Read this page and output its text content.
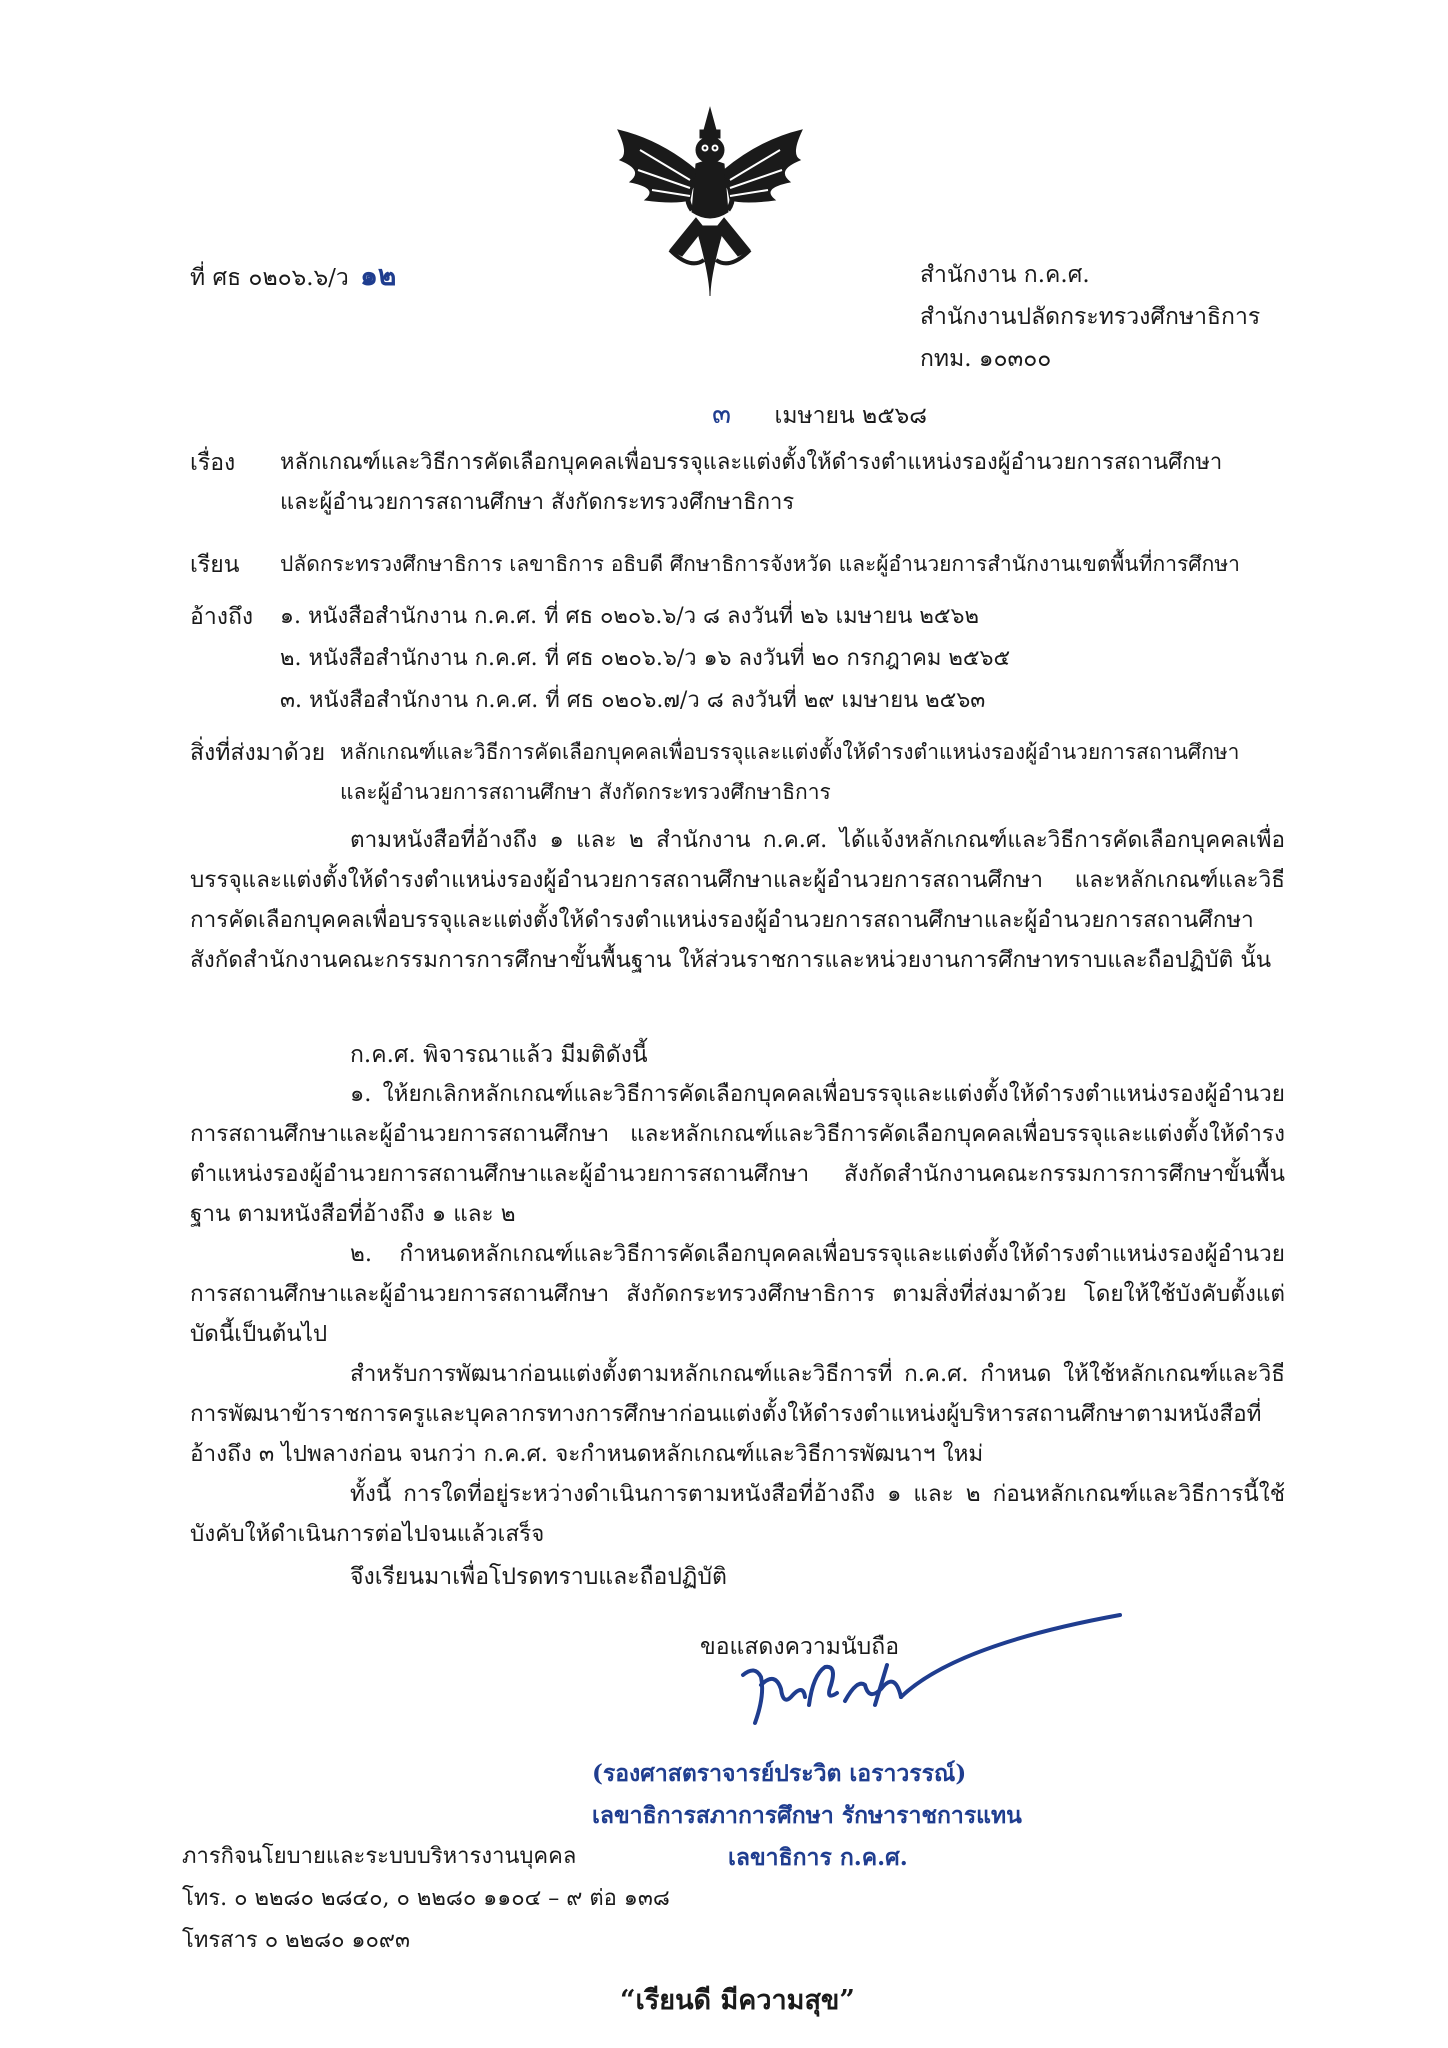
ที่ ศธ ๐๒๐๖.๖/ว ๑๒	สำนักงาน ก.ค.ศ.
สำนักงานปลัดกระทรวงศึกษาธิการ
กทม. ๑๐๓๐๐
๓ เมษายน ๒๕๖๘
เรื่อง หลักเกณฑ์และวิธีการคัดเลือกบุคคลเพื่อบรรจุและแต่งตั้งให้ดำรงตำแหน่งรองผู้อำนวยการสถานศึกษา
และผู้อำนวยการสถานศึกษา สังกัดกระทรวงศึกษาธิการ
เรียน ปลัดกระทรวงศึกษาธิการ เลขาธิการ อธิบดี ศึกษาธิการจังหวัด และผู้อำนวยการสำนักงานเขตพื้นที่การศึกษา
อ้างถึง ๑. หนังสือสำนักงาน ก.ค.ศ. ที่ ศธ ๐๒๐๖.๖/ว ๘ ลงวันที่ ๒๖ เมษายน ๒๕๖๒
๒. หนังสือสำนักงาน ก.ค.ศ. ที่ ศธ ๐๒๐๖.๖/ว ๑๖ ลงวันที่ ๒๐ กรกฎาคม ๒๕๖๕
๓. หนังสือสำนักงาน ก.ค.ศ. ที่ ศธ ๐๒๐๖.๗/ว ๘ ลงวันที่ ๒๙ เมษายน ๒๕๖๓
สิ่งที่ส่งมาด้วย หลักเกณฑ์และวิธีการคัดเลือกบุคคลเพื่อบรรจุและแต่งตั้งให้ดำรงตำแหน่งรองผู้อำนวยการสถานศึกษา
และผู้อำนวยการสถานศึกษา สังกัดกระทรวงศึกษาธิการ
ตามหนังสือที่อ้างถึง ๑ และ ๒ สำนักงาน ก.ค.ศ. ได้แจ้งหลักเกณฑ์และวิธีการคัดเลือกบุคคลเพื่อบรรจุและแต่งตั้งให้ดำรงตำแหน่งรองผู้อำนวยการสถานศึกษาและผู้อำนวยการสถานศึกษา และหลักเกณฑ์และวิธีการคัดเลือกบุคคลเพื่อบรรจุและแต่งตั้งให้ดำรงตำแหน่งรองผู้อำนวยการสถานศึกษาและผู้อำนวยการสถานศึกษา สังกัดสำนักงานคณะกรรมการการศึกษาขั้นพื้นฐาน ให้ส่วนราชการและหน่วยงานการศึกษาทราบและถือปฏิบัติ นั้น
ก.ค.ศ. พิจารณาแล้ว มีมติดังนี้
๑. ให้ยกเลิกหลักเกณฑ์และวิธีการคัดเลือกบุคคลเพื่อบรรจุและแต่งตั้งให้ดำรงตำแหน่งรองผู้อำนวยการสถานศึกษาและผู้อำนวยการสถานศึกษา และหลักเกณฑ์และวิธีการคัดเลือกบุคคลเพื่อบรรจุและแต่งตั้งให้ดำรงตำแหน่งรองผู้อำนวยการสถานศึกษาและผู้อำนวยการสถานศึกษา สังกัดสำนักงานคณะกรรมการการศึกษาขั้นพื้นฐาน ตามหนังสือที่อ้างถึง ๑ และ ๒
๒. กำหนดหลักเกณฑ์และวิธีการคัดเลือกบุคคลเพื่อบรรจุและแต่งตั้งให้ดำรงตำแหน่งรองผู้อำนวยการสถานศึกษาและผู้อำนวยการสถานศึกษา สังกัดกระทรวงศึกษาธิการ ตามสิ่งที่ส่งมาด้วย โดยให้ใช้บังคับตั้งแต่บัดนี้เป็นต้นไป
สำหรับการพัฒนาก่อนแต่งตั้งตามหลักเกณฑ์และวิธีการที่ ก.ค.ศ. กำหนด ให้ใช้หลักเกณฑ์และวิธีการพัฒนาข้าราชการครูและบุคลากรทางการศึกษาก่อนแต่งตั้งให้ดำรงตำแหน่งผู้บริหารสถานศึกษาตามหนังสือที่อ้างถึง ๓ ไปพลางก่อน จนกว่า ก.ค.ศ. จะกำหนดหลักเกณฑ์และวิธีการพัฒนาฯ ใหม่
ทั้งนี้ การใดที่อยู่ระหว่างดำเนินการตามหนังสือที่อ้างถึง ๑ และ ๒ ก่อนหลักเกณฑ์และวิธีการนี้ใช้บังคับให้ดำเนินการต่อไปจนแล้วเสร็จ
จึงเรียนมาเพื่อโปรดทราบและถือปฏิบัติ
ขอแสดงความนับถือ
(รองศาสตราจารย์ประวิต เอราวรรณ์)
เลขาธิการสภาการศึกษา รักษาราชการแทน
เลขาธิการ ก.ค.ศ.
ภารกิจนโยบายและระบบบริหารงานบุคคล
โทร. ๐ ๒๒๘๐ ๒๘๔๐, ๐ ๒๒๘๐ ๑๑๐๔ – ๙ ต่อ ๑๓๘
โทรสาร ๐ ๒๒๘๐ ๑๐๙๓
“เรียนดี มีความสุข”
